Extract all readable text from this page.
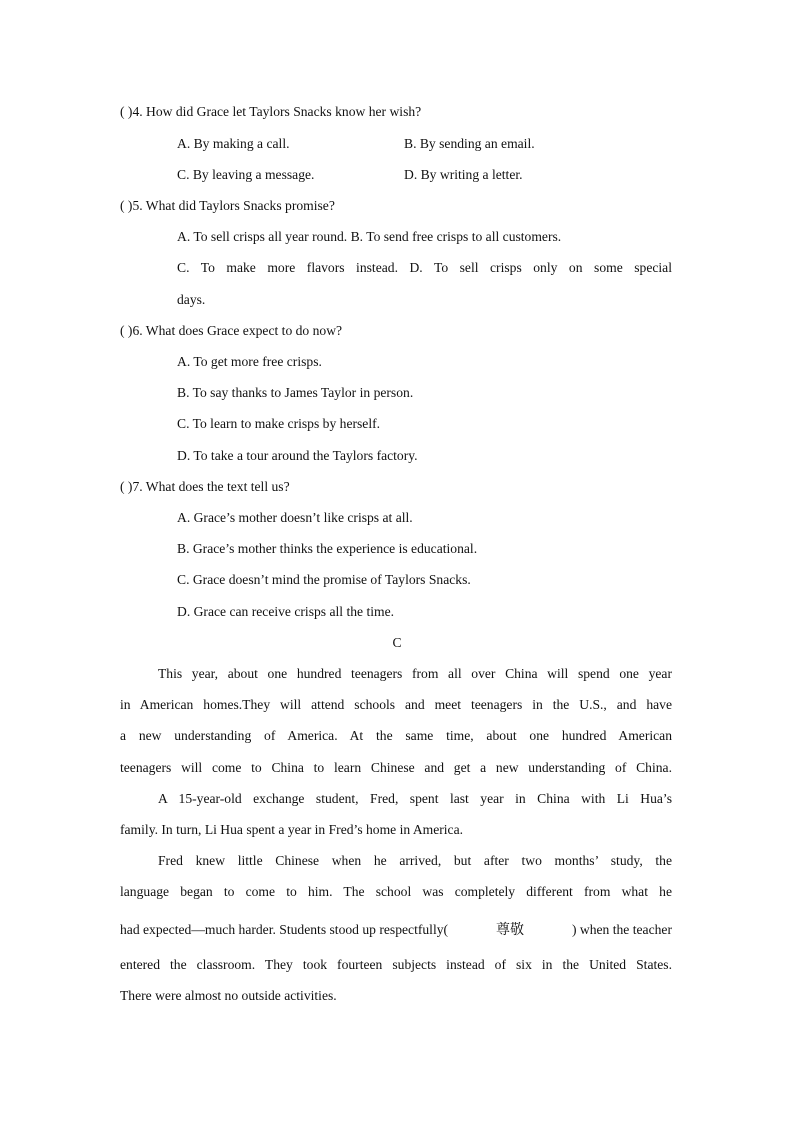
( )4. How did Grace let Taylors Snacks know her wish?
A. By making a call.	B. By sending an email.
C. By leaving a message.	D. By writing a letter.
( )5. What did Taylors Snacks promise?
A. To sell crisps all year round. B. To send free crisps to all customers.
C. To make more flavors instead. D. To sell crisps only on some special
days.
( )6. What does Grace expect to do now?
A. To get more free crisps.
B. To say thanks to James Taylor in person.
C. To learn to make crisps by herself.
D. To take a tour around the Taylors factory.
( )7. What does the text tell us?
A. Grace’s mother doesn’t like crisps at all.
B. Grace’s mother thinks the experience is educational.
C. Grace doesn’t mind the promise of Taylors Snacks.
D. Grace can receive crisps all the time.
C
This year, about one hundred teenagers from all over China will spend one year
in American homes.They will attend schools and meet teenagers in the U.S., and have
a new understanding of America. At the same time, about one hundred American
teenagers will come to China to learn Chinese and get a new understanding of China.
A 15-year-old exchange student, Fred, spent last year in China with Li Hua’s
family. In turn, Li Hua spent a year in Fred’s home in America.
Fred knew little Chinese when he arrived, but after two months’ study, the
language began to come to him. The school was completely different from what he
had expected—much harder. Students stood up respectfully(	尊敬	) when the teacher
entered the classroom. They took fourteen subjects instead of six in the United States.
There were almost no outside activities.
